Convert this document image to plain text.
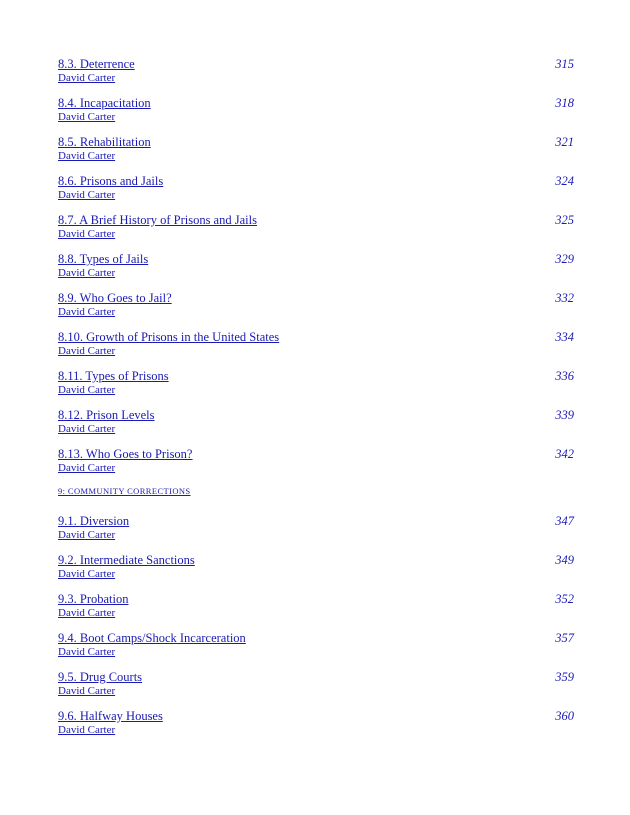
8.3. Deterrence
David Carter
315
8.4. Incapacitation
David Carter
318
8.5. Rehabilitation
David Carter
321
8.6. Prisons and Jails
David Carter
324
8.7. A Brief History of Prisons and Jails
David Carter
325
8.8. Types of Jails
David Carter
329
8.9. Who Goes to Jail?
David Carter
332
8.10. Growth of Prisons in the United States
David Carter
334
8.11. Types of Prisons
David Carter
336
8.12. Prison Levels
David Carter
339
8.13. Who Goes to Prison?
David Carter
342
9: COMMUNITY CORRECTIONS
9.1. Diversion
David Carter
347
9.2. Intermediate Sanctions
David Carter
349
9.3. Probation
David Carter
352
9.4. Boot Camps/Shock Incarceration
David Carter
357
9.5. Drug Courts
David Carter
359
9.6. Halfway Houses
David Carter
360
